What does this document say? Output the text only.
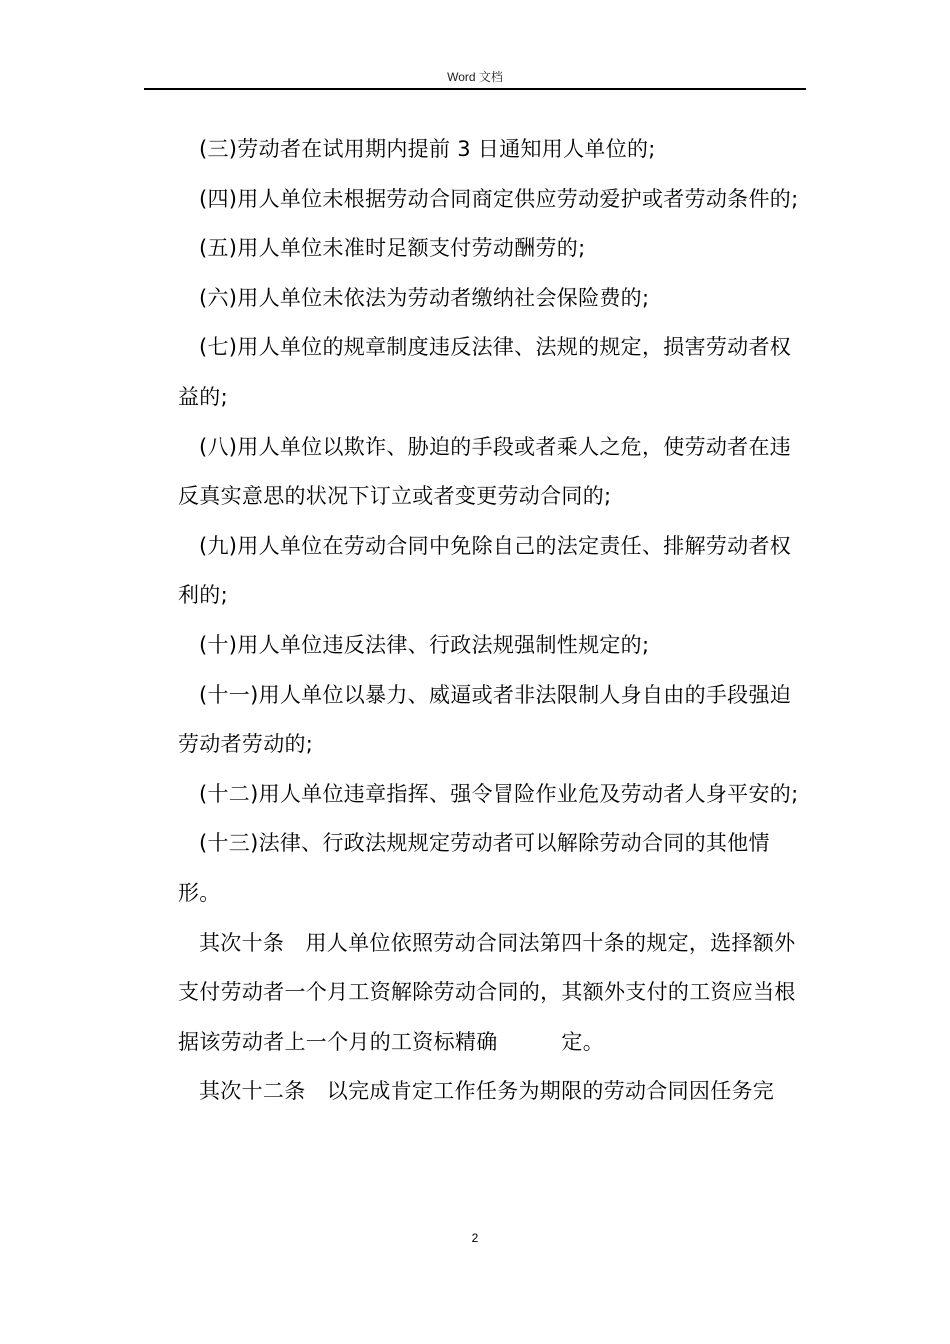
Word 文档

(三)劳动者在试用期内提前 3 日通知用人单位的;

(四)用人单位未根据劳动合同商定供应劳动爱护或者劳动条件的;

(五)用人单位未准时足额支付劳动酬劳的;

(六)用人单位未依法为劳动者缴纳社会保险费的;

(七)用人单位的规章制度违反法律、法规的规定，损害劳动者权益的;

(八)用人单位以欺诈、胁迫的手段或者乘人之危，使劳动者在违反真实意思的状况下订立或者变更劳动合同的;

(九)用人单位在劳动合同中免除自己的法定责任、排解劳动者权利的;

(十)用人单位违反法律、行政法规强制性规定的;

(十一)用人单位以暴力、威逼或者非法限制人身自由的手段强迫劳动者劳动的;

(十二)用人单位违章指挥、强令冒险作业危及劳动者人身平安的;

(十三)法律、行政法规规定劳动者可以解除劳动合同的其他情形。

其次十条　用人单位依照劳动合同法第四十条的规定，选择额外支付劳动者一个月工资解除劳动合同的，其额外支付的工资应当根据该劳动者上一个月的工资标精确　　　定。

其次十二条　以完成肯定工作任务为期限的劳动合同因任务完

2
